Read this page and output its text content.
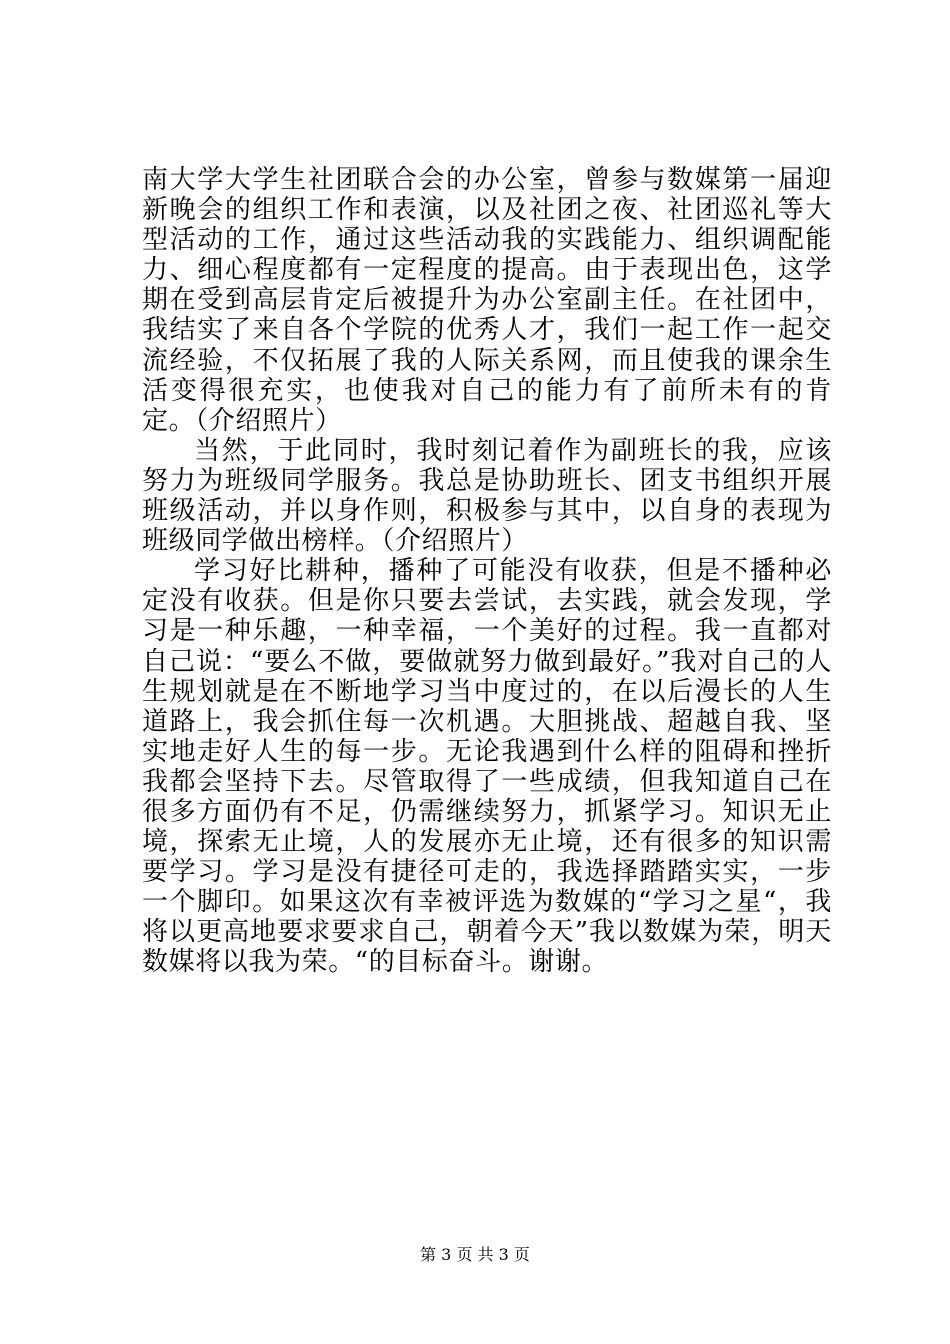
南大学大学生社团联合会的办公室，曾参与数媒第一届迎新晚会的组织工作和表演，以及社团之夜、社团巡礼等大型活动的工作，通过这些活动我的实践能力、组织调配能力、细心程度都有一定程度的提高。由于表现出色，这学期在受到高层肯定后被提升为办公室副主任。在社团中，我结实了来自各个学院的优秀人才，我们一起工作一起交流经验，不仅拓展了我的人际关系网，而且使我的课余生活变得很充实，也使我对自己的能力有了前所未有的肯定。（介绍照片）

当然，于此同时，我时刻记着作为副班长的我，应该努力为班级同学服务。我总是协助班长、团支书组织开展班级活动，并以身作则，积极参与其中，以自身的表现为班级同学做出榜样。（介绍照片）

学习好比耕种，播种了可能没有收获，但是不播种必定没有收获。但是你只要去尝试，去实践，就会发现，学习是一种乐趣，一种幸福，一个美好的过程。我一直都对自己说：“要么不做，要做就努力做到最好。”我对自己的人生规划就是在不断地学习当中度过的，在以后漫长的人生道路上，我会抓住每一次机遇。大胆挑战、超越自我、坚实地走好人生的每一步。无论我遇到什么样的阻碍和挫折我都会坚持下去。尽管取得了一些成绩，但我知道自己在很多方面仍有不足，仍需继续努力，抓紧学习。知识无止境，探索无止境，人的发展亦无止境，还有很多的知识需要学习。学习是没有捷径可走的，我选择踏踏实实，一步一个脚印。如果这次有幸被评选为数媒的“学习之星“，我将以更高地要求要求自己，朝着今天”我以数媒为荣，明天数媒将以我为荣。“的目标奋斗。谢谢。

第 3 页 共 3 页
